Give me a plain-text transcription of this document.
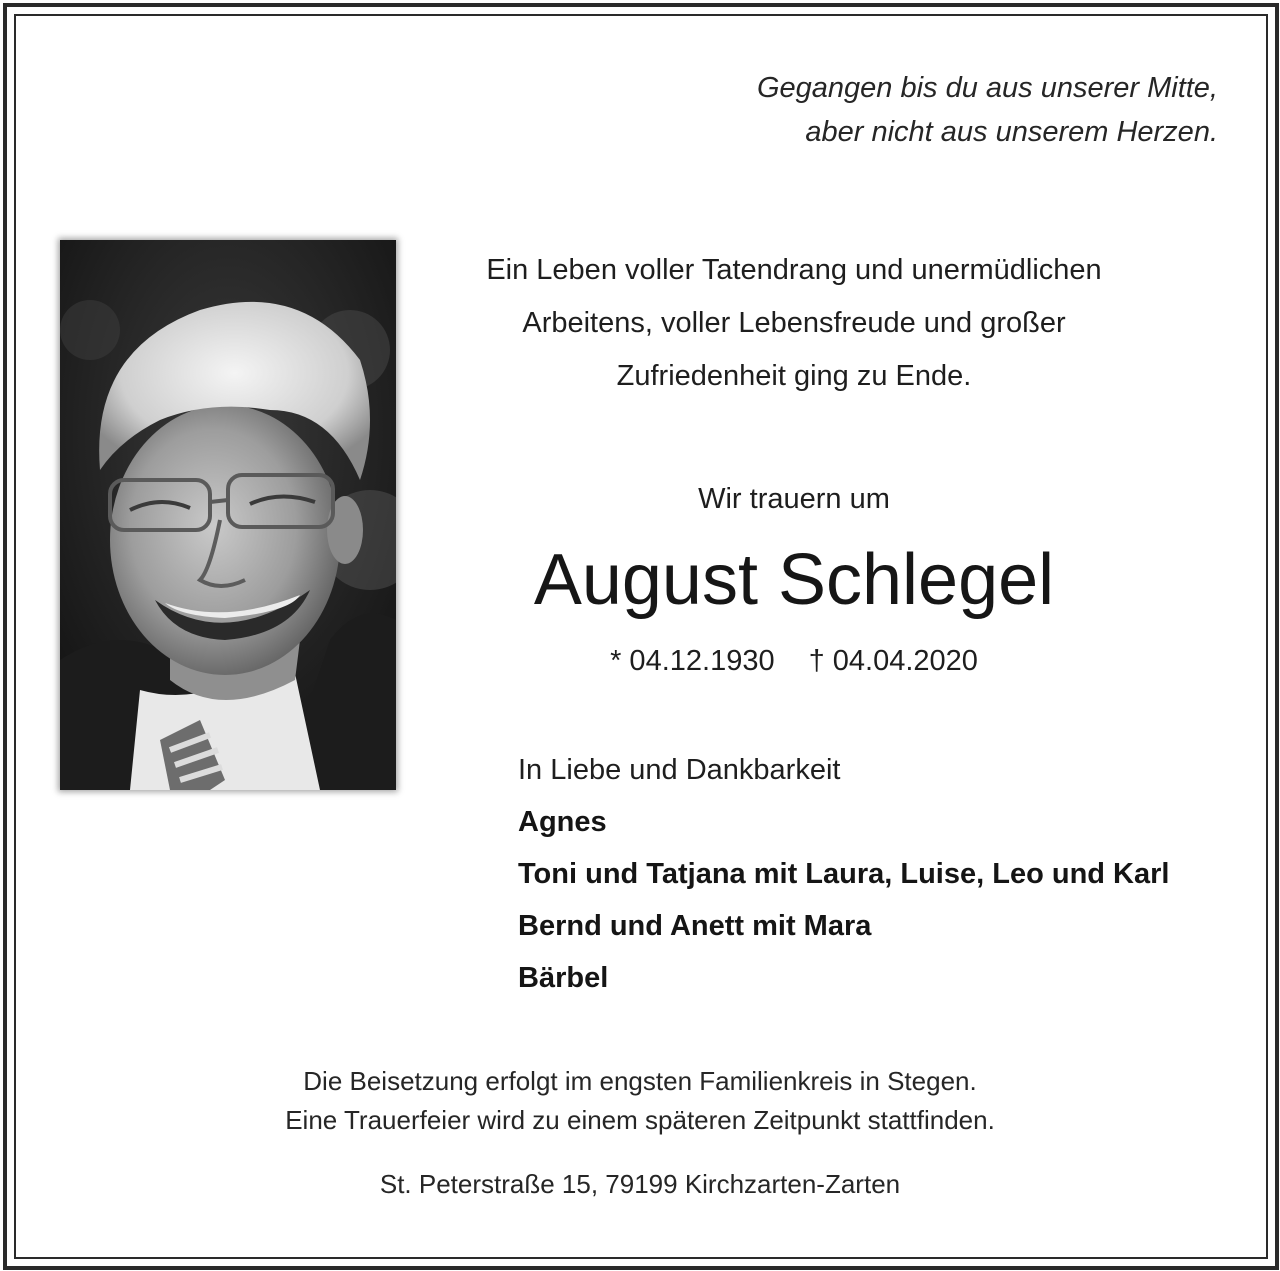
Gegangen bis du aus unserer Mitte,
aber nicht aus unserem Herzen.
Ein Leben voller Tatendrang und unermüdlichen
Arbeitens, voller Lebensfreude und großer
Zufriedenheit ging zu Ende.
Wir trauern um
August Schlegel
* 04.12.1930 † 04.04.2020
In Liebe und Dankbarkeit
Agnes
Toni und Tatjana mit Laura, Luise, Leo und Karl
Bernd und Anett mit Mara
Bärbel
Die Beisetzung erfolgt im engsten Familienkreis in Stegen.
Eine Trauerfeier wird zu einem späteren Zeitpunkt stattfinden.
St. Peterstraße 15, 79199 Kirchzarten-Zarten
